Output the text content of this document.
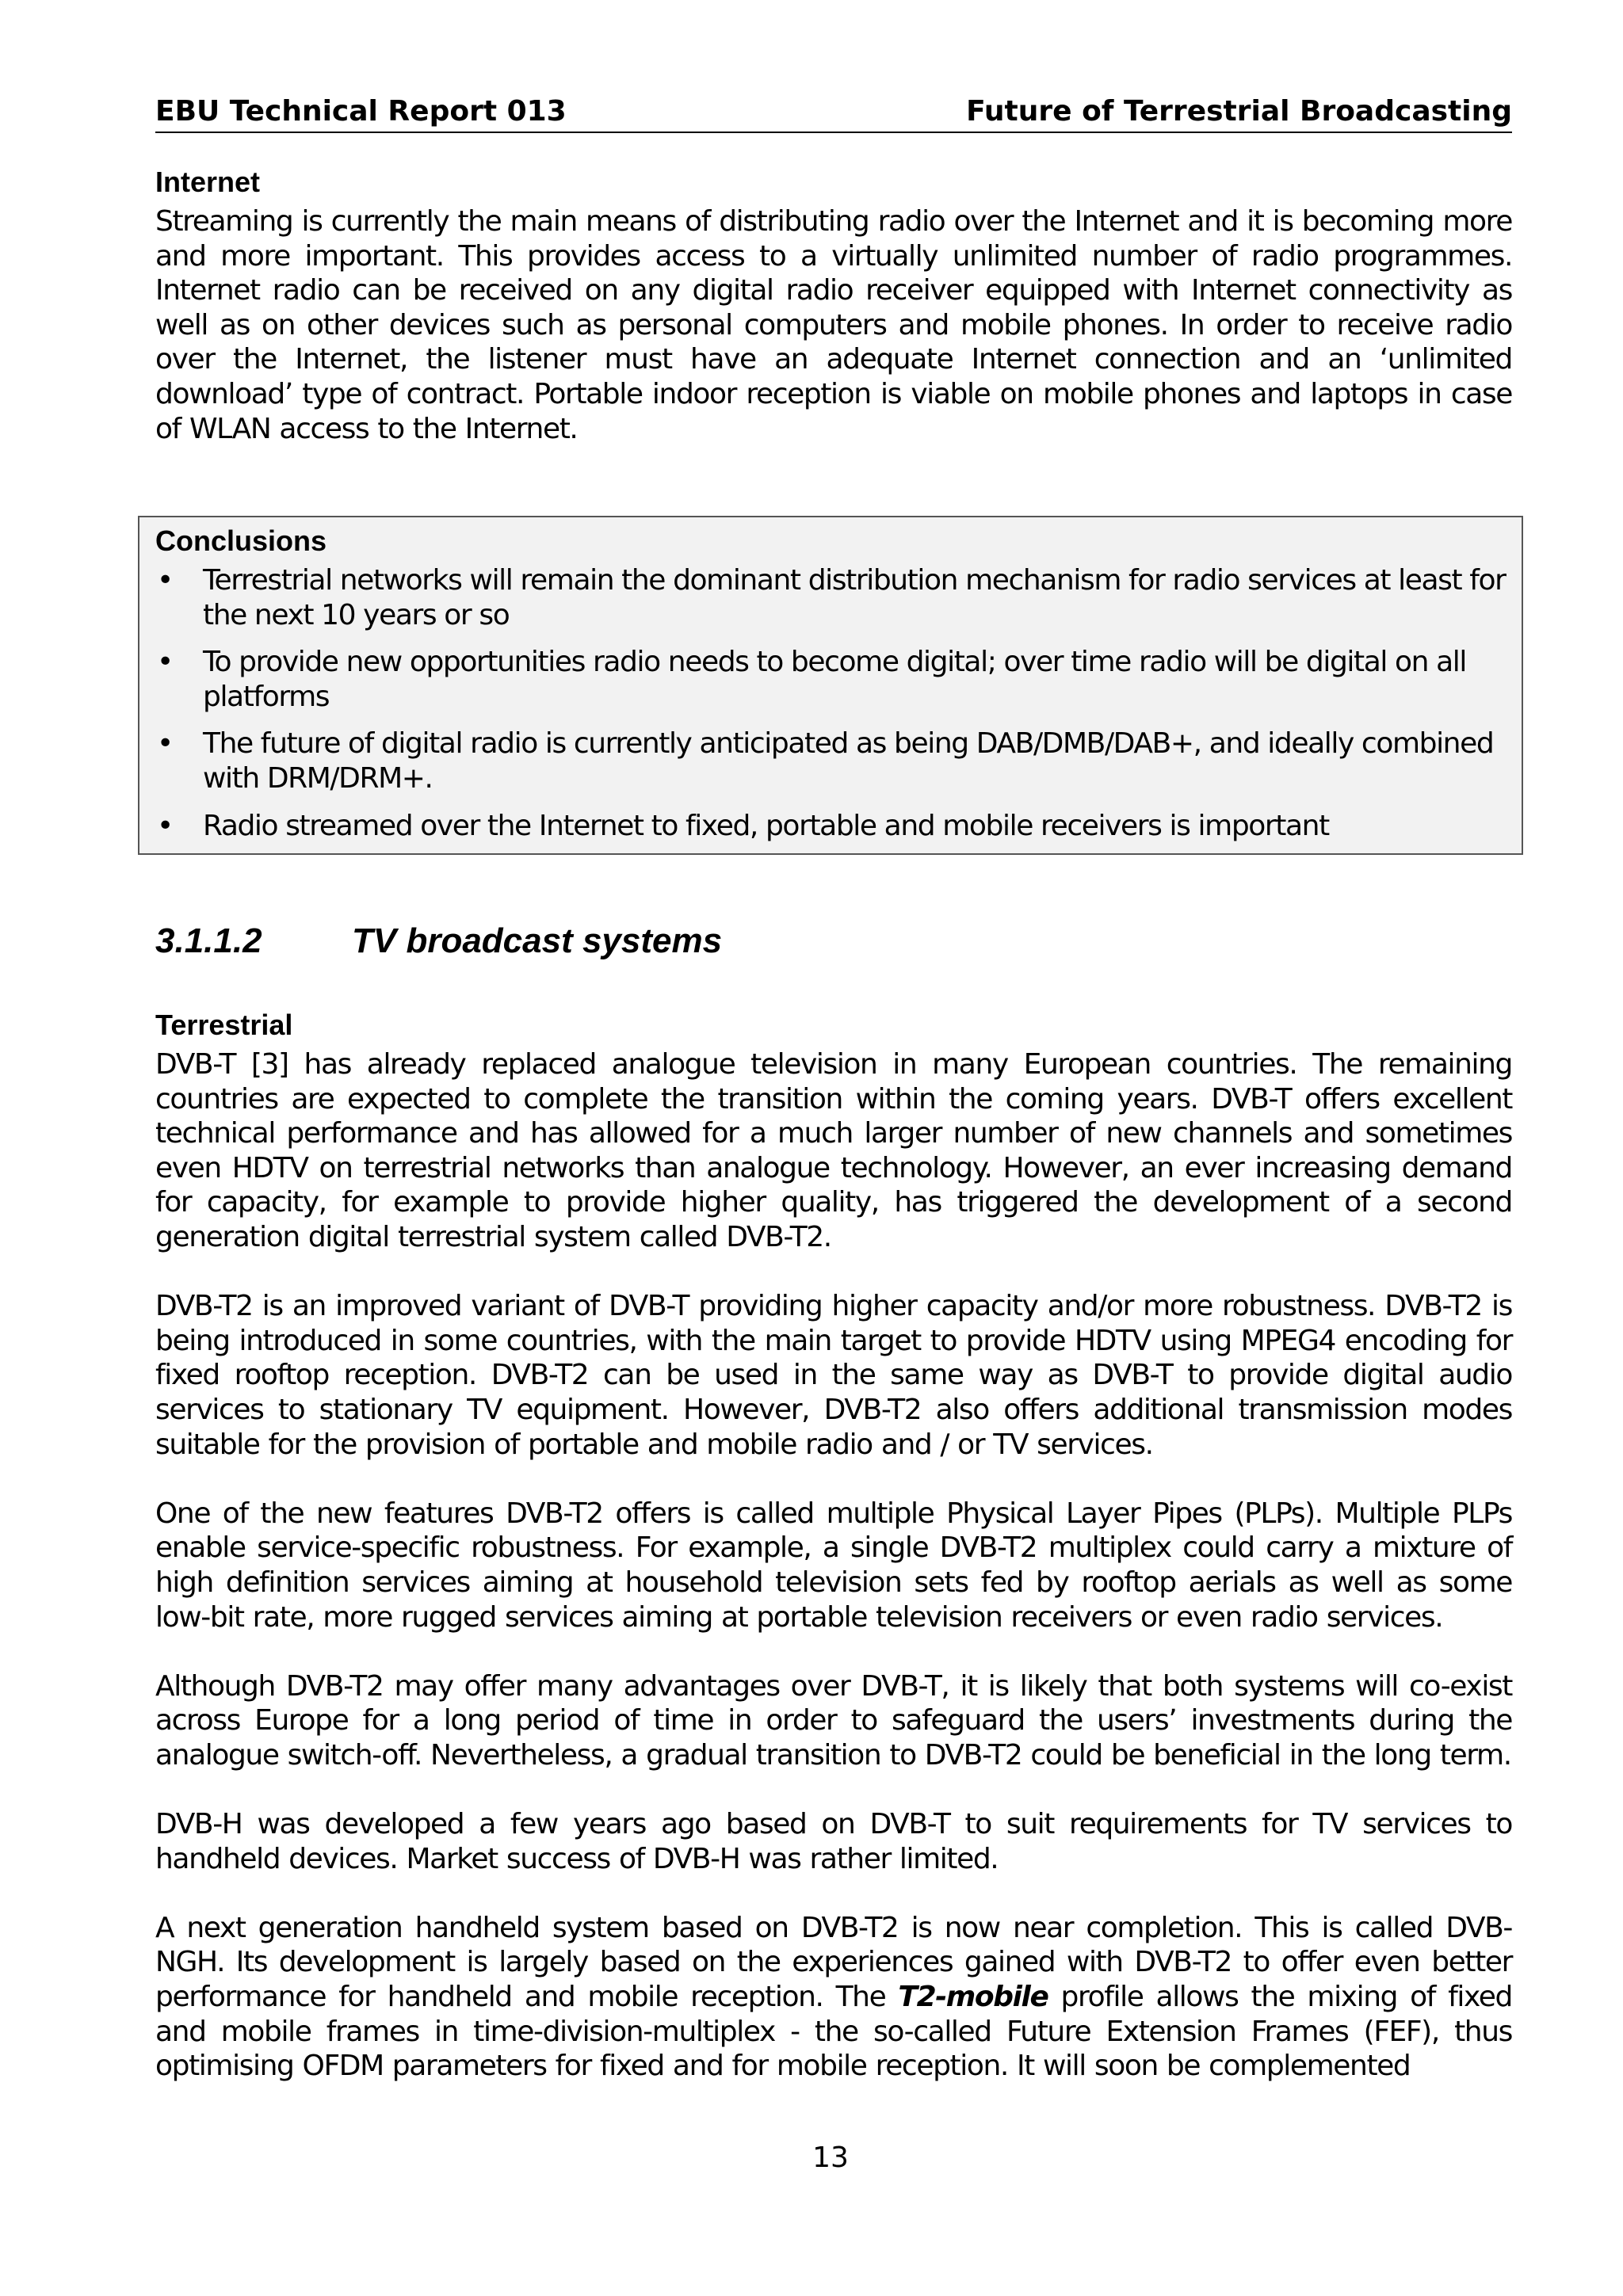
EBU Technical Report 013	Future of Terrestrial Broadcasting
Internet

Streaming is currently the main means of distributing radio over the Internet and it is becoming more and more important. This provides access to a virtually unlimited number of radio programmes. Internet radio can be received on any digital radio receiver equipped with Internet connectivity as well as on other devices such as personal computers and mobile phones. In order to receive radio over the Internet, the listener must have an adequate Internet connection and an ‘unlimited download’ type of contract. Portable indoor reception is viable on mobile phones and laptops in case of WLAN access to the Internet.

Conclusions
• Terrestrial networks will remain the dominant distribution mechanism for radio services at least for the next 10 years or so
• To provide new opportunities radio needs to become digital; over time radio will be digital on all platforms
• The future of digital radio is currently anticipated as being DAB/DMB/DAB+, and ideally combined with DRM/DRM+.
• Radio streamed over the Internet to fixed, portable and mobile receivers is important
3.1.1.2	TV broadcast systems
Terrestrial

DVB-T [3] has already replaced analogue television in many European countries. The remaining countries are expected to complete the transition within the coming years. DVB-T offers excellent technical performance and has allowed for a much larger number of new channels and sometimes even HDTV on terrestrial networks than analogue technology. However, an ever increasing demand for capacity, for example to provide higher quality, has triggered the development of a second generation digital terrestrial system called DVB-T2.

DVB-T2 is an improved variant of DVB-T providing higher capacity and/or more robustness. DVB-T2 is being introduced in some countries, with the main target to provide HDTV using MPEG4 encoding for fixed rooftop reception. DVB-T2 can be used in the same way as DVB-T to provide digital audio services to stationary TV equipment. However, DVB-T2 also offers additional transmission modes suitable for the provision of portable and mobile radio and / or TV services.

One of the new features DVB-T2 offers is called multiple Physical Layer Pipes (PLPs). Multiple PLPs enable service-specific robustness. For example, a single DVB-T2 multiplex could carry a mixture of high definition services aiming at household television sets fed by rooftop aerials as well as some low-bit rate, more rugged services aiming at portable television receivers or even radio services.

Although DVB-T2 may offer many advantages over DVB-T, it is likely that both systems will co-exist across Europe for a long period of time in order to safeguard the users’ investments during the analogue switch-off. Nevertheless, a gradual transition to DVB-T2 could be beneficial in the long term.

DVB-H was developed a few years ago based on DVB-T to suit requirements for TV services to handheld devices. Market success of DVB-H was rather limited.

A next generation handheld system based on DVB-T2 is now near completion. This is called DVB-NGH. Its development is largely based on the experiences gained with DVB-T2 to offer even better performance for handheld and mobile reception. The T2-mobile profile allows the mixing of fixed and mobile frames in time-division-multiplex - the so-called Future Extension Frames (FEF), thus optimising OFDM parameters for fixed and for mobile reception. It will soon be complemented

13
